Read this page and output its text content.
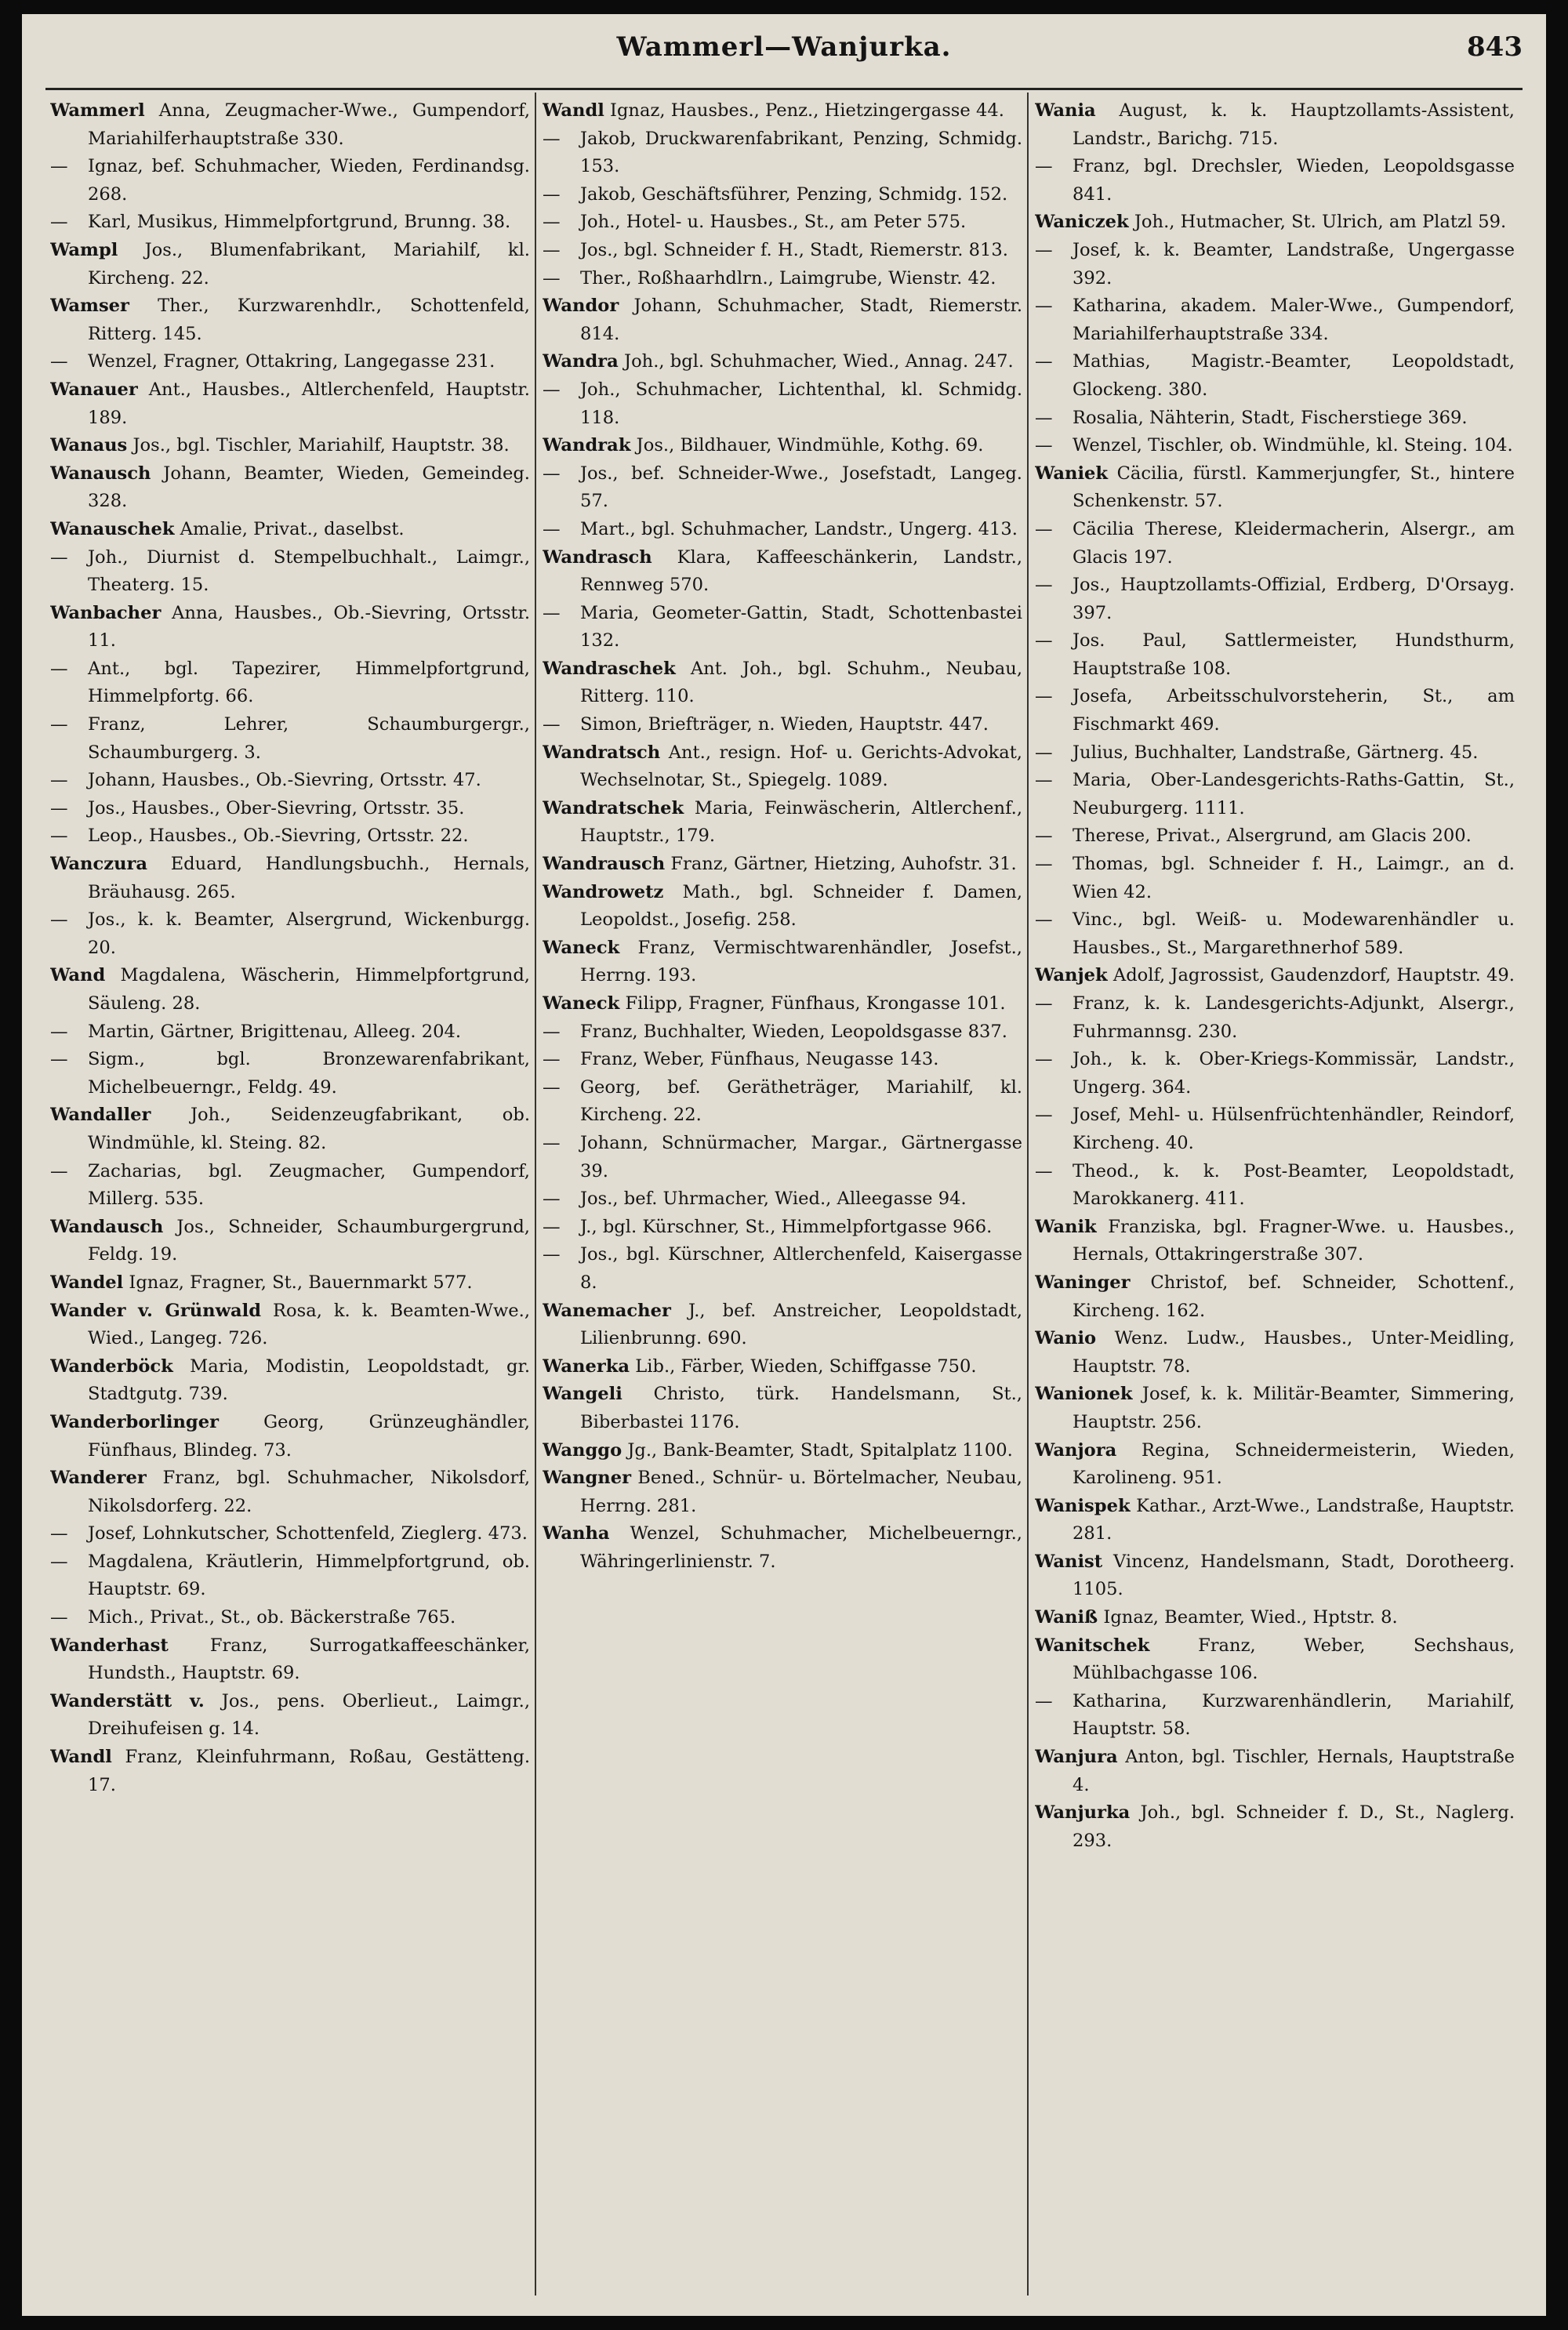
Wammerl—Wanjurka.	843
Wammerl Anna, Zeugmacher-Wwe., Gumpendorf, Mariahilferhauptstraße 330.
— Ignaz, bef. Schuhmacher, Wieden, Ferdinandsg. 268.
— Karl, Musikus, Himmelpfortgrund, Brunng. 38.
Wampl Jos., Blumenfabrikant, Mariahilf, kl. Kircheng. 22.
Wamser Ther., Kurzwarenhdlr., Schottenfeld, Ritterg. 145.
— Wenzel, Fragner, Ottakring, Langegasse 231.
Wanauer Ant., Hausbes., Altlerchenfeld, Hauptstr. 189.
Wanaus Jos., bgl. Tischler, Mariahilf, Hauptstr. 38.
Wanausch Johann, Beamter, Wieden, Gemeindeg. 328.
Wanauschek Amalie, Privat., daselbst.
— Joh., Diurnist d. Stempelbuchhalt., Laimgr., Theaterg. 15.
Wanbacher Anna, Hausbes., Ob.-Sievring, Ortsstr. 11.
— Ant., bgl. Tapezirer, Himmelpfortgrund, Himmelpfortg. 66.
— Franz, Lehrer, Schaumburgergr., Schaumburgerg. 3.
— Johann, Hausbes., Ob.-Sievring, Ortsstr. 47.
— Jos., Hausbes., Ober-Sievring, Ortsstr. 35.
— Leop., Hausbes., Ob.-Sievring, Ortsstr. 22.
Wanczura Eduard, Handlungsbuchh., Hernals, Bräuhausg. 265.
— Jos., k. k. Beamter, Alsergrund, Wickenburgg. 20.
Wand Magdalena, Wäscherin, Himmelpfortgrund, Säuleng. 28.
— Martin, Gärtner, Brigittenau, Alleeg. 204.
— Sigm., bgl. Bronzewarenfabrikant, Michelbeuerngr., Feldg. 49.
Wandaller Joh., Seidenzeugfabrikant, ob. Windmühle, kl. Steing. 82.
— Zacharias, bgl. Zeugmacher, Gumpendorf, Millerg. 535.
Wandausch Jos., Schneider, Schaumburgergrund, Feldg. 19.
Wandel Ignaz, Fragner, St., Bauernmarkt 577.
Wander v. Grünwald Rosa, k. k. Beamten-Wwe., Wied., Langeg. 726.
Wanderböck Maria, Modistin, Leopoldstadt, gr. Stadtgutg. 739.
Wanderborlinger	Georg, Grünzeughändler, Fünfhaus, Blindeg. 73.
Wanderer Franz, bgl. Schuhmacher, Nikolsdorf, Nikolsdorferg. 22.
— Josef, Lohnkutscher, Schottenfeld, Zieglerg. 473.
— Magdalena, Kräutlerin, Himmelpfortgrund, ob. Hauptstr. 69.
— Mich., Privat., St., ob. Bäckerstraße 765.
Wanderhast Franz, Surrogatkaffeeschänker, Hundsth., Hauptstr. 69.
Wanderstätt v. Jos., pens. Oberlieut., Laimgr., Dreihufeisen g. 14.
Wandl Franz, Kleinfuhrmann, Roßau, Gestätteng. 17.
Wandl Ignaz, Hausbes., Penz., Hietzingergasse 44.
— Jakob, Druckwarenfabrikant, Penzing, Schmidg. 153.
— Jakob, Geschäftsführer, Penzing, Schmidg. 152.
— Joh., Hotel- u. Hausbes., St., am Peter 575.
— Jos., bgl. Schneider f. H., Stadt, Riemerstr. 813.
— Ther., Roßhaarhdlrn., Laimgrube, Wienstr. 42.
Wandor Johann, Schuhmacher, Stadt, Riemerstr. 814.
Wandra Joh., bgl. Schuhmacher, Wied., Annag. 247.
— Joh., Schuhmacher, Lichtenthal, kl. Schmidg. 118.
Wandrak Jos., Bildhauer, Windmühle, Kothg. 69.
— Jos., bef. Schneider-Wwe., Josefstadt, Langeg. 57.
— Mart., bgl. Schuhmacher, Landstr., Ungerg. 413.
Wandrasch Klara, Kaffeeschänkerin, Landstr., Rennweg 570.
— Maria, Geometer-Gattin, Stadt, Schottenbastei 132.
Wandraschek Ant. Joh., bgl. Schuhm., Neubau, Ritterg. 110.
— Simon, Briefträger, n. Wieden, Hauptstr. 447.
Wandratsch Ant., resign. Hof- u. Gerichts-Advokat, Wechselnotar, St., Spiegelg. 1089.
Wandratschek Maria, Feinwäscherin, Altlerchenf., Hauptstr., 179.
Wandrausch Franz, Gärtner, Hietzing, Auhofstr. 31.
Wandrowetz Math., bgl. Schneider f. Damen, Leopoldst., Josefig. 258.
Waneck Franz, Vermischtwarenhändler, Josefst., Herrng. 193.
Waneck Filipp, Fragner, Fünfhaus, Krongasse 101.
— Franz, Buchhalter, Wieden, Leopoldsgasse 837.
— Franz, Weber, Fünfhaus, Neugasse 143.
— Georg, bef. Gerätheträger, Mariahilf, kl. Kircheng. 22.
— Johann, Schnürmacher, Margar., Gärtnergasse 39.
— Jos., bef. Uhrmacher, Wied., Alleegasse 94.
— J., bgl. Kürschner, St., Himmelpfortgasse 966.
— Jos., bgl. Kürschner, Altlerchenfeld, Kaisergasse 8.
Wanemacher J., bef. Anstreicher, Leopoldstadt, Lilienbrunng. 690.
Wanerka Lib., Färber, Wieden, Schiffgasse 750.
Wangeli Christo, türk. Handelsmann, St., Biberbastei 1176.
Wanggo Jg., Bank-Beamter, Stadt, Spitalplatz 1100.
Wangner Bened., Schnür- u. Börtelmacher, Neubau, Herrng. 281.
Wanha Wenzel, Schuhmacher, Michelbeuerngr., Währingerlinienstr. 7.
Wania August, k. k. Hauptzollamts-Assistent, Landstr., Barichg. 715.
— Franz, bgl. Drechsler, Wieden, Leopoldsgasse 841.
Waniczek Joh., Hutmacher, St. Ulrich, am Platzl 59.
— Josef, k. k. Beamter, Landstraße, Ungergasse 392.
— Katharina, akadem. Maler-Wwe., Gumpendorf, Mariahilferhauptstraße 334.
— Mathias, Magistr.-Beamter, Leopoldstadt, Glockeng. 380.
— Rosalia, Nähterin, Stadt, Fischerstiege 369.
— Wenzel, Tischler, ob. Windmühle, kl. Steing. 104.
Waniek Cäcilia, fürstl. Kammerjungfer, St., hintere Schenkenstr. 57.
— Cäcilia Therese, Kleidermacherin, Alsergr., am Glacis 197.
— Jos., Hauptzollamts-Offizial, Erdberg, D'Orsayg. 397.
— Jos. Paul, Sattlermeister, Hundsthurm, Hauptstraße 108.
— Josefa, Arbeitsschulvorsteherin, St., am Fischmarkt 469.
— Julius, Buchhalter, Landstraße, Gärtnerg. 45.
— Maria, Ober-Landesgerichts-Raths-Gattin, St., Neuburgerg. 1111.
— Therese, Privat., Alsergrund, am Glacis 200.
— Thomas, bgl. Schneider f. H., Laimgr., an d. Wien 42.
— Vinc., bgl. Weiß- u. Modewarenhändler u. Hausbes., St., Margarethnerhof 589.
Wanjek Adolf, Jagrossist, Gaudenzdorf, Hauptstr. 49.
— Franz, k. k. Landesgerichts-Adjunkt, Alsergr., Fuhrmannsg. 230.
— Joh., k. k. Ober-Kriegs-Kommissär, Landstr., Ungerg. 364.
— Josef, Mehl- u. Hülsenfrüchtenhändler, Reindorf, Kircheng. 40.
— Theod., k. k. Post-Beamter, Leopoldstadt, Marokkanerg. 411.
Wanik Franziska, bgl. Fragner-Wwe. u. Hausbes., Hernals, Ottakringerstraße 307.
Waninger Christof, bef. Schneider, Schottenf., Kircheng. 162.
Wanio Wenz. Ludw., Hausbes., Unter-Meidling, Hauptstr. 78.
Wanionek Josef, k. k. Militär-Beamter, Simmering, Hauptstr. 256.
Wanjora Regina, Schneidermeisterin, Wieden, Karolineng. 951.
Wanispek Kathar., Arzt-Wwe., Landstraße, Hauptstr. 281.
Wanist Vincenz, Handelsmann, Stadt, Dorotheerg. 1105.
Waniß Ignaz, Beamter, Wied., Hptstr. 8.
Wanitschek	Franz, Weber, Sechshaus, Mühlbachgasse 106.
— Katharina, Kurzwarenhändlerin, Mariahilf, Hauptstr. 58.
Wanjura Anton, bgl. Tischler, Hernals, Hauptstraße 4.
Wanjurka Joh., bgl. Schneider f. D., St., Naglerg. 293.
